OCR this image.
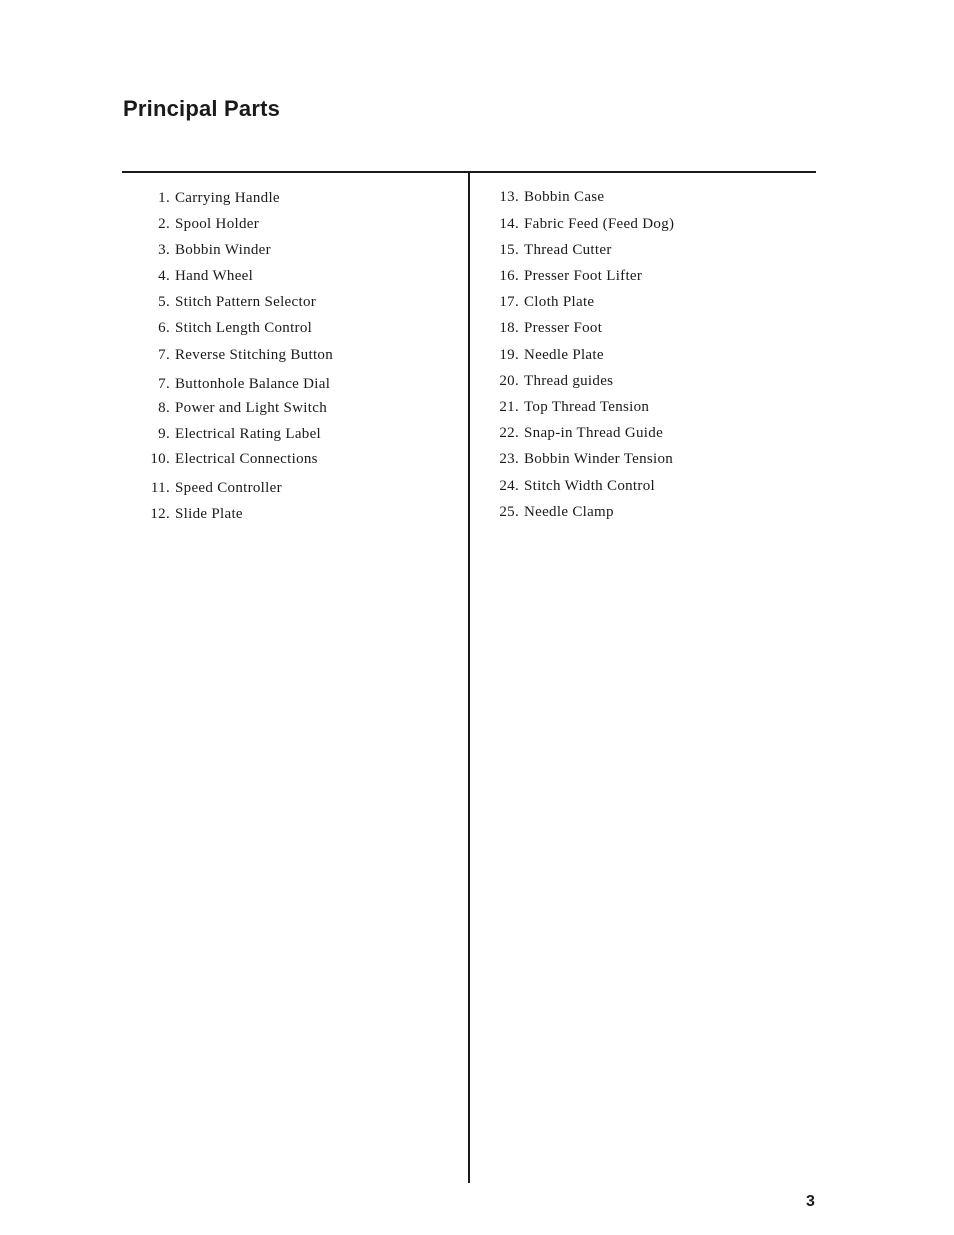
Principal Parts
1. Carrying Handle
2. Spool Holder
3. Bobbin Winder
4. Hand Wheel
5. Stitch Pattern Selector
6. Stitch Length Control
7. Reverse Stitching Button
7. Buttonhole Balance Dial
8. Power and Light Switch
9. Electrical Rating Label
10. Electrical Connections
11. Speed Controller
12. Slide Plate
13. Bobbin Case
14. Fabric Feed (Feed Dog)
15. Thread Cutter
16. Presser Foot Lifter
17. Cloth Plate
18. Presser Foot
19. Needle Plate
20. Thread guides
21. Top Thread Tension
22. Snap-in Thread Guide
23. Bobbin Winder Tension
24. Stitch Width Control
25. Needle Clamp
3
